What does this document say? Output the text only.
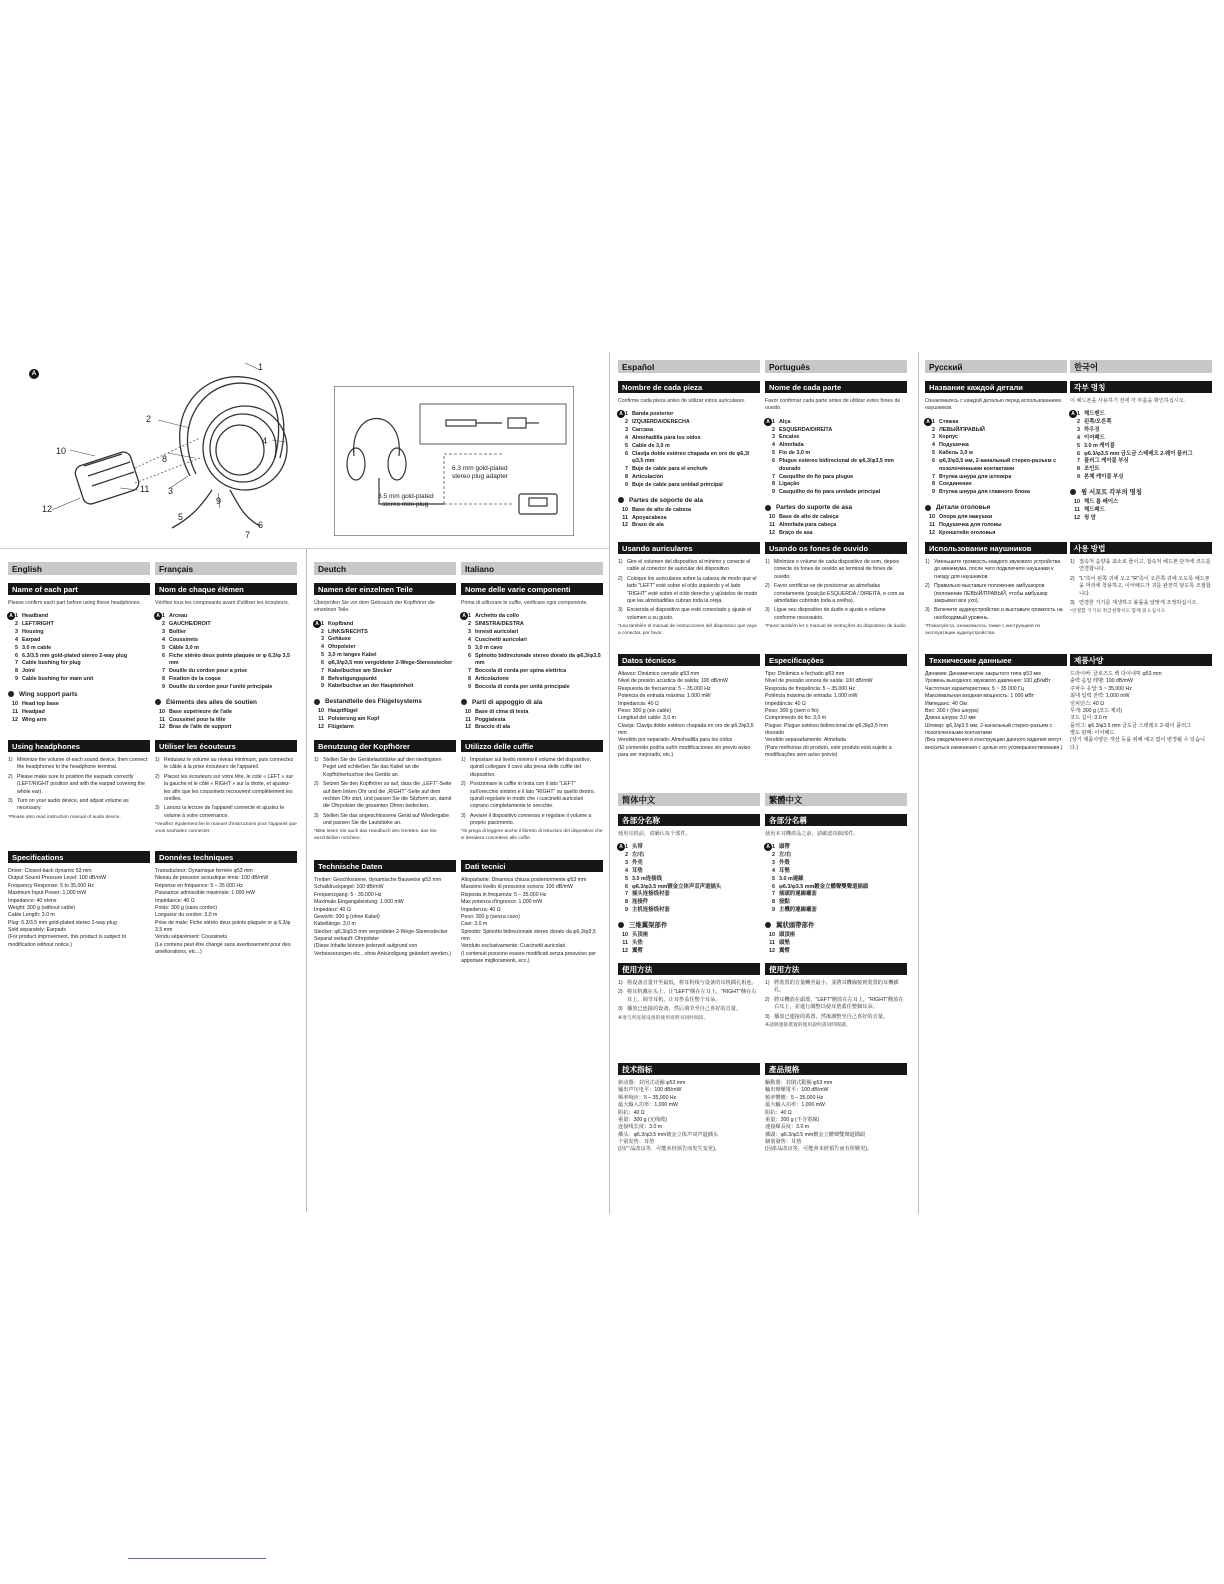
A
1
2
3
4
5
6
7
8
9
10
11
12
6.3 mm gold-plated
stereo plug adapter
3.5 mm gold-plated
stereo mini-plug
English
Name of each part
Please confirm each part before using these headphones.
A 1 Headband
2 LEFT/RIGHT
3 Housing
4 Earpad
5 3.0 m cable
6 6.3/3.5 mm gold-plated stereo 2-way plug
7 Cable bushing for plug
8 Joint
9 Cable bushing for main unit
Wing support parts
10 Head top base
11 Headpad
12 Wing arm
Using headphones
1) Minimize the volume of each sound device, then connect the headphones to the headphone terminal.
2) Please make sure to position the earpads correctly (LEFT/RIGHT position and with the earpad covering the whole ear).
3) Turn on your audio device, and adjust volume as necessary.
*Please also read instruction manual of audio device.
Specifications
Driver: Closed-back dynamic 53 mm
Output Sound Pressure Level: 100 dB/mW
Frequency Response: 5 to 35,000 Hz
Maximum Input Power: 1,000 mW
Impedance: 40 ohms
Weight: 300 g (without cable)
Cable Length: 3.0 m
Plug: 6.3/3.5 mm gold-plated stereo 2-way plug
Sold separately: Earpads
(For product improvement, this product is subject to modification without notice.)
Français
Nom de chaque élémen
Vérifiez tous les composants avant d'utiliser les écouteurs.
A 1 Arceau
2 GAUCHE/DROIT
3 Boîtier
4 Coussinets
5 Câble 3,0 m
6 Fiche stéréo deux points plaquée or φ 6,3/φ 3,5 mm
7 Douille du cordon pour a prise
8 Fixation de la coque
9 Douille du cordon pour l'unité principale
Éléments des ailes de soutien
10 Base supérieure de l'aile
11 Coussinet pour la tête
12 Bras de l'aile de support
Utiliser les écouteurs
1) Réduisez le volume au niveau minimum, puis connectez le câble à la prise écouteurs de l'appareil.
2) Placez les écouteurs sur votre tête, le coté « LEFT » sur la gauche et le côté « RIGHT » sur la droite, et ajustez-les afin que les coussinets recouvrent complètement les oreilles.
3) Lancez la lecture de l'appareil connecté et ajustez le volume à votre convenance.
*Veuillez également lire le manuel d'instructions pour l'appareil que vous souhaitez connecter.
Données techniques
Transducteur: Dynamique fermée φ53 mm
Niveau de pression acoustique émis: 100 dB/mW
Réponse en fréquence: 5 – 35 000 Hz
Puissance admissible maximale: 1 000 mW
Impédance: 40 Ω
Poids: 300 g (sans cordon)
Longueur du cordon: 3,0 m
Prise de male: Fiche stéréo deux points plaquée or φ 6,3/φ 3,5 mm
Vendu séparément: Coussinets
(Le contenu peut être changé sans avertissement pour des améliorations, etc...)
Deutch
Namen der einzelnen Teile
Überprüfen Sie vor dem Gebrauch der Kopfhörer die einzelnen Teile.
A 1 Kopfband
2 LINKS/RECHTS
3 Gehäuse
4 Ohrpolster
5 3,0 m langes Kabel
6 φ6,3/φ3,5 mm vergoldeter 2-Wege-Stereostecker
7 Kabelbuchse am Stecker
8 Befestigungspunkt
9 Kabelbuchse an der Haupteinheit
Bestandteile des Flügelsystems
10 Hauptflügel
11 Polsterung am Kopf
12 Flügelarm
Benutzung der Kopfhörer
1) Stellen Sie die Gerätelautstärke auf den niedrigsten Pegel und schließen Sie das Kabel an die Kopfhöherbuchse des Geräts an.
2) Setzen Sie den Kopfhörer so auf, dass die „LEFT"-Seite auf dem linken Ohr und die „RIGHT"-Seite auf dem rechten Ohr sitzt, und passen Sie die Sitzform an, damit die Ohrpolster die gesamten Ohren bedecken.
3) Stellen Sie das angeschlossene Gerät auf Wiedergabe und passen Sie die Lautstärke an.
*Bitte lesen Sie auch das Handbuch des Gerätes, das Sie anschließen möchten.
Technische Daten
Treiber: Geschlossene, dynamische Bauweise φ53 mm
Schalldruckpegel: 100 dB/mW
Frequenzgang: 5 - 35.000 Hz
Maximale Eingangsleistung: 1.000 mW
Impedanz: 40 Ω
Gewicht: 300 g (ohne Kabel)
Kabellänge: 3,0 m
Stecker: φ6,3/φ3,5 mm vergoldeter 2-Wege-Stereostecker
Separat verkauft: Ohrpolster
(Diese Inhalte können jederzeit aufgrund von Verbesserungen etc., ohne Ankündigung geändert werden.)
Italiano
Nome delle varie componenti
Prima di utilizzare le cuffie, verificare ogni componente.
A 1 Archetto da collo
2 SINISTRA/DESTRA
3 Innesti auricolari
4 Cuscinetti auricolari
5 3,0 m cavo
6 Spinotto bidirezionale stereo dorato da φ6,3/φ3,5 mm
7 Boccola di corda per spina elettrica
8 Articolazione
9 Boccola di corda per unità principale
Parti di appoggio di ala
10 Base di cima di testa
11 Poggiatesta
12 Braccio di ala
Utilizzo delle cuffie
1) Impostare sul livello minimo il volume del dispositivo, quindi collegare il cavo alla presa delle cuffie del dispositivo.
2) Posizionare le cuffie in testa con il lato "LEFT" sull'orecchio sinistro e il lato "RIGHT" su quello destro, quindi regolarle in modo che i cuscinetti auricolari coprano completamente le orecchie.
3) Avviare il dispositivo connesso e regolare il volume a proprio piacimento.
*Si prega di leggere anche il libretto di istruzioni del dispositivo che si desidera connettere alle cuffie.
Dati tecnici
Altoparlante: Dinamica chiusa posteriormente φ53 mm
Massimo livello di pressione sonora: 100 dB/mW
Risposta in frequenza: 5 – 35.000 Hz
Max potenza d'ingresso: 1.000 mW
Impedenza: 40 Ω
Peso: 300 g (senza cavo)
Cavi: 3,0 m
Spinotto: Spinotto bidirezionale stereo dorato da φ6,3/φ3,5 mm
Venduto esclusivamente: Cuscinetti auricolari
(I contenuti possono essere modificati senza preavviso per apportare miglioramenti, ecc.)
Español
Nombre de cada pieza
Confirme cada pieza antes de utilizar estos auriculares.
A 1 Banda posterior
2 IZQUIERDA/DERECHA
3 Carcasa
4 Almohadilla para los oídos
5 Cable de 3,0 m
6 Clavija doble estéreo chapada en oro de φ6,3/φ3,5 mm
7 Buje de cable para el enchufe
8 Articulación
9 Buje de cable para unidad principal
Partes de soporte de ala
10 Base de alto de cabeza
11 Apoyacabeza
12 Brazo de ala
Usando auriculares
1) Gire el volumen del dispositivo al mínimo y conecte el cable al conector de auricular del dispositivo.
2) Coloque los auriculares sobre la cabeza de modo que el lado "LEFT" esté sobre el oído izquierdo y el lado "RIGHT" esté sobre el oído derecho y ajústelos de modo que las almohadillas cubran toda la oreja.
3) Encienda el dispositivo que esté conectado y ajuste el volumen a su gusto.
*Lea también el manual de instrucciones del dispositivo que vaya a conectar, por favor.
Datos técnicos
Altavoz: Dinámico cerrado φ53 mm
Nivel de presión acústica de salida: 100 dB/mW
Respuesta de frecuencia: 5 – 35.000 Hz
Potencia de entrada máxima: 1.000 mW
Impedancia: 40 Ω
Peso: 300 g (sin cable)
Longitud del cable: 3,0 m
Clavija: Clavija doble estéreo chapada en oro de φ6,3/φ3,5 mm
Vendido por separado: Almohadilla para los oídos
(El contenido podría sufrir modificaciones sin previo aviso para ser mejorado, etc.)
Português
Nome de cada parte
Favor confirmar cada parte antes de utilizar estes fones de ouvido.
A 1 Alça
2 ESQUERDA/DIREITA
3 Encaixe
4 Almofada
5 Fio de 3,0 m
6 Plugue estéreo bidirecional de φ6,3/φ3,5 mm dourado
7 Casquilho do fio para plugue
8 Ligação
9 Casquilho do fio para unidade principal
Partes do suporte de asa
10 Base de alto de cabeça
11 Almofada para cabeça
12 Braço de asa
Usando os fones de ouvido
1) Minimize o volume de cada dispositivo de som, depois conecte os fones de ouvido ao terminal de fones de ouvido.
2) Favor certificar-se de posicionar as almofadas corretamente (posição ESQUERDA / DIREITA, e com as almofadas cobrindo toda a orelha).
3) Ligue seu dispositivo de áudio e ajuste o volume conforme necessário.
*Favor também ler o manual de instruções do dispositivo de áudio.
Especificações
Tipo: Dinâmico e fechado φ53 mm
Nível de pressão sonora de saída: 100 dB/mW
Resposta de frequência: 5 – 35.000 Hz
Potência máxima de entrada: 1.000 mW
Impedância: 40 Ω
Peso: 300 g (sem o fio)
Comprimento do fio: 3,0 m
Plugue: Plugue estéreo bidirecional de φ6,3/φ3,5 mm dourado
Vendido separadamente: Almofada
(Para melhorias do produto, este produto está sujeito a modificações sem aviso prévio)
Русский
Название каждой детали
Ознакомьтесь с каждой деталью перед использованием наушников.
A 1 Стяжка
2 ЛЕВЫЙ/ПРАВЫЙ
3 Корпус
4 Подушечка
5 Кабель 3,0 м
6 φ6,3/φ3,5 мм, 2-канальный стерео-разъем с позолоченными контактами
7 Втулка шнура для штекера
8 Соединение
9 Втулка шнура для главного блока
Детали оголовья
10 Опора для макушки
11 Подушечка для головы
12 Кронштейн оголовья
Использование наушников
1) Уменьшите громкость каждого звукового устройства до минимума, после чего подключите наушники к гнезду для наушников.
2) Правильно выставьте положение амбушюров (положение ЛЕВЫЙ/ПРАВЫЙ, чтобы амбушюр закрывал все ухо).
3) Включите аудиоустройство и выставьте громкость на необходимый уровень.
*Пожалуйста, ознакомьтесь также с инструкцией по эксплуатации аудиоустройства.
Технические данныее
Динамик: Динамические закрытого типа φ53 мм
Уровень выходного звукового давления: 100 дБ/мВт
Частотная характеристика: 5 ~ 35 000 Гц
Максимальная входная мощность: 1 000 мВт
Импеданс: 40 Ом
Вес: 300 г (без шнура)
Длина шнура: 3,0 мм
Штекер: φ6,3/φ3,5 мм, 2-канальный стерео-разъем с позолоченными контактами
(Без уведомления в конструкцию данного изделия могут вноситься изменения с целью его усовершенствования.)
한국어
각부 명칭
이 헤드폰을 사용하기 전에 각 부품을 확인하십시오.
A 1 헤드밴드
2 왼쪽/오른쪽
3 하우징
4 이어패드
5 3.0 m 케이블
6 φ6.3/φ3.5 mm 금도금 스테레오 2-웨이 플러그
7 플러그 케이블 부싱
8 조인트
9 본체 케이블 부싱
윙 서포트 각부의 명칭
10 헤드 톱 베이스
11 헤드패드
12 윙 암
사용 방법
1) 접속처 음량을 최소로 줄이고, 접속처 헤드폰 단자에 코드를 연결합니다.
2) "L"측이 왼쪽 귀에 오고 "R"측이 오른쪽 귀에 오도록 헤드폰을 머리에 착용하고, 이어패드가 귀를 완전히 덮도록 조절합니다.
3) 연결한 기기를 재생하고 볼륨을 알맞게 조정하십시오.
*연결할 기기의 취급설명서도 함께 읽으십시오.
제품사양
드라이버: 클로즈드 백 다이내믹 φ53 mm
출력 음압 레벨: 100 dB/mW
주파수 응답: 5 ~ 35,000 Hz
최대 입력 전력: 1,000 mW
임피던스: 40 Ω
무게: 300 g (코드 제외)
코드 길이: 3.0 m
플러그: φ6.3/φ3.5 mm 금도금 스테레오 2-웨이 플러그
별도 판매: 이어패드
(상기 제품사양은 개선 등을 위해 예고 없이 변경될 수 있습니다.)
简体中文
各部分名称
使用耳机前，请确认每个部件。
A 1 头带
2 左/右
3 外壳
4 耳垫
5 3.0 m连接线
6 φ6.3/φ3.5 mm镀金立体声双声道插头
7 插头连接线衬套
8 连接件
9 主机连接线衬套
三维翼架部件
10 头顶座
11 头垫
12 翼臂
使用方法
1) 将设备音量开至最低，将耳机线与设备的耳机插孔相连。
2) 将耳机戴在头上，让"LEFT"侧在左耳上，"RIGHT"侧在右耳上，调节耳机，让耳垫盖住整个耳朵。
3) 播放已连接的设备，然后调节至自己喜好的音量。
※请与所连接设备的使用说明书同时阅读。
技术指标
驱动器：封闭式动圈 φ53 mm
输出声压电平：100 dB/mW
频率响应：5 – 35,000 Hz
最大输入功率：1,000 mW
阻抗：40 Ω
重量：300 g (无线缆)
连接线长度：3.0 m
插头：φ6.3/φ3.5 mm镀金立体声双声道插头
个别发售：耳垫
(因产品改良等，可能未经预告而发生变更)。
繁體中文
各部分名稱
使用本耳機產品之前，請確認每個部件。
A 1 頭帶
2 左/右
3 外殼
4 耳墊
5 3.0 m連線
6 φ6.3/φ3.5 mm鍍金立體聲雙聲道插頭
7 插頭的連線襯套
8 接點
9 主機的連線襯套
翼狀頭帶部件
10 頭頂座
11 頭墊
12 翼臂
使用方法
1) 將裝置的音量轉至最小，並將耳機線接到裝置的耳機插孔。
2) 將耳機放在頭部，"LEFT"側放在左耳上，"RIGHT"側放在右耳上，並進行調整以使耳墊蓋住整個耳朵。
3) 播放已連接的裝置，然後調整至自己喜好的音量。
※請與連接裝置的使用說明書同時閱讀。
產品規格
驅動器：封閉式動圈 φ53 mm
輸出聲壓電平：100 dB/mW
頻率響應：5 – 35,000 Hz
最大輸入功率：1,000 mW
阻抗：40 Ω
重量：300 g (不含電線)
連接線長度：3.0 m
插頭：φ6.3/φ3.5 mm鍍金立體聲雙聲道插頭
個別發售：耳墊
(因產品改良等，可能會未經預告而有所變更)。
